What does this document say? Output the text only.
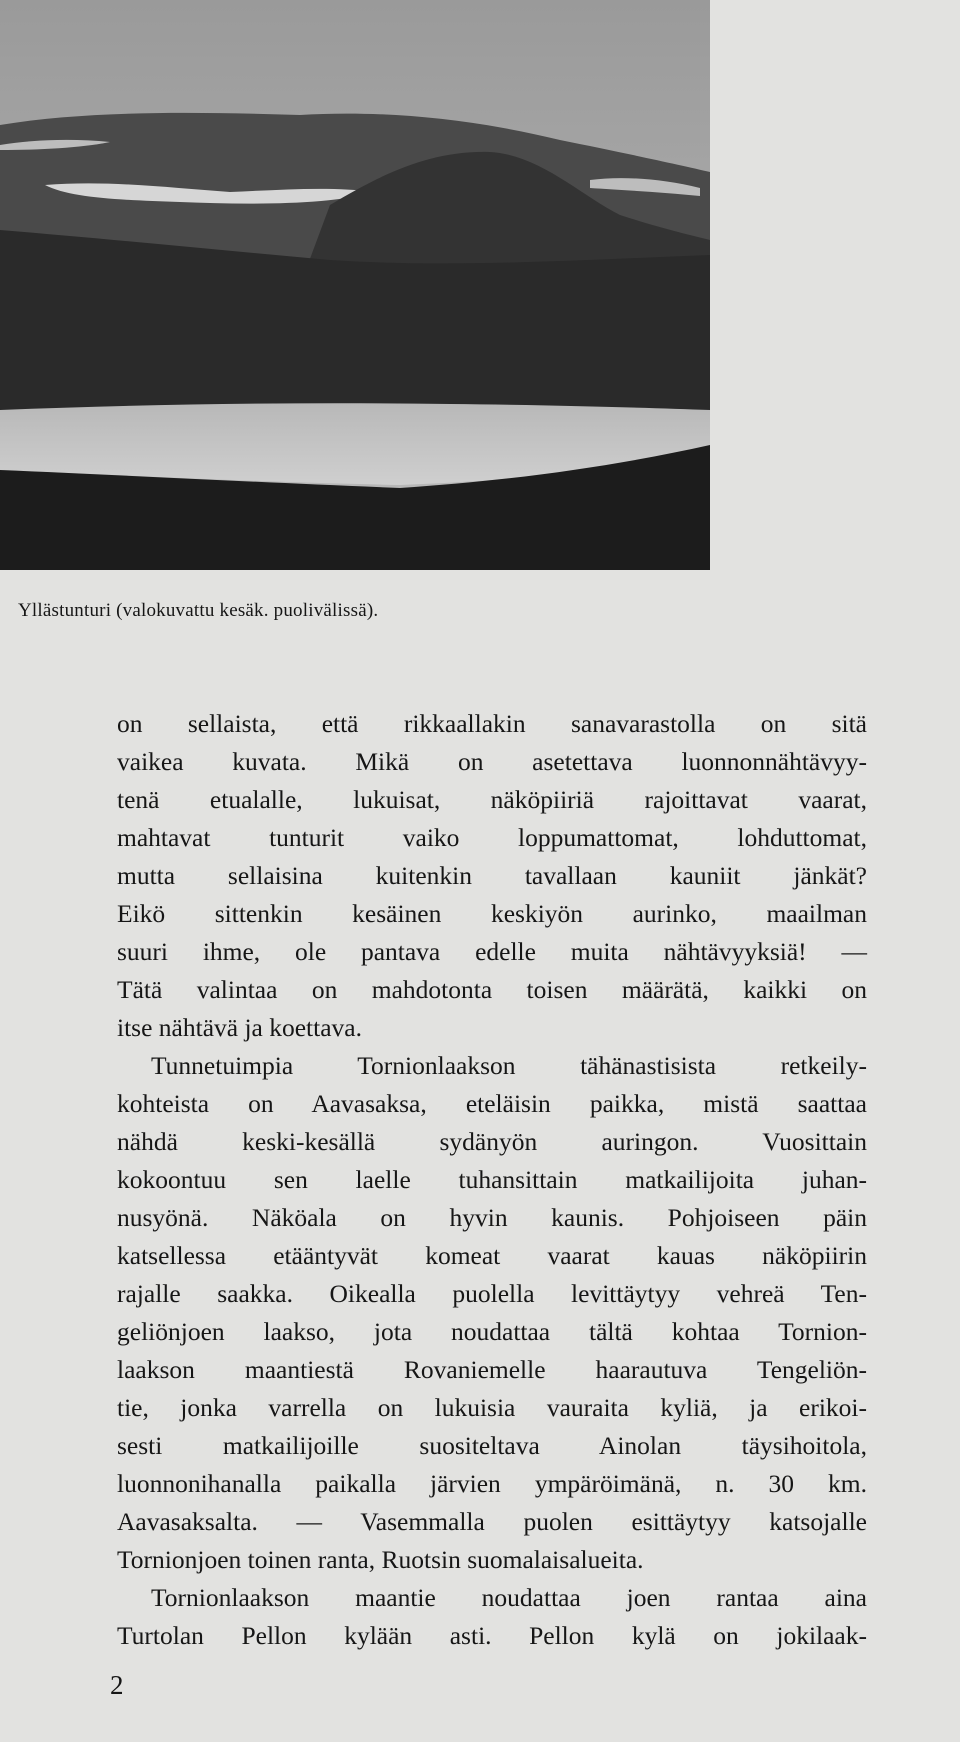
Yllästunturi (valokuvattu kesäk. puolivälissä).
on sellaista, että rikkaallakin sanavarastolla on sitä
vaikea kuvata. Mikä on asetettava luonnonnähtävyy-
tenä etualalle, lukuisat, näköpiiriä rajoittavat vaarat,
mahtavat tunturit vaiko loppumattomat, lohduttomat,
mutta sellaisina kuitenkin tavallaan kauniit jänkät?
Eikö sittenkin kesäinen keskiyön aurinko, maailman
suuri ihme, ole pantava edelle muita nähtävyyksiä! —
Tätä valintaa on mahdotonta toisen määrätä, kaikki on
itse nähtävä ja koettava.
Tunnetuimpia Tornionlaakson tähänastisista retkeily-
kohteista on Aavasaksa, eteläisin paikka, mistä saattaa
nähdä keski-kesällä sydänyön auringon. Vuosittain
kokoontuu sen laelle tuhansittain matkailijoita juhan-
nusyönä. Näköala on hyvin kaunis. Pohjoiseen päin
katsellessa etääntyvät komeat vaarat kauas näköpiirin
rajalle saakka. Oikealla puolella levittäytyy vehreä Ten-
geliönjoen laakso, jota noudattaa tältä kohtaa Tornion-
laakson maantiestä Rovaniemelle haarautuva Tengeliön-
tie, jonka varrella on lukuisia vauraita kyliä, ja erikoi-
sesti matkailijoille suositeltava Ainolan täysihoitola,
luonnonihanalla paikalla järvien ympäröimänä, n. 30 km.
Aavasaksalta. — Vasemmalla puolen esittäytyy katsojalle
Tornionjoen toinen ranta, Ruotsin suomalaisalueita.
Tornionlaakson maantie noudattaa joen rantaa aina
Turtolan Pellon kylään asti. Pellon kylä on jokilaak-
2
